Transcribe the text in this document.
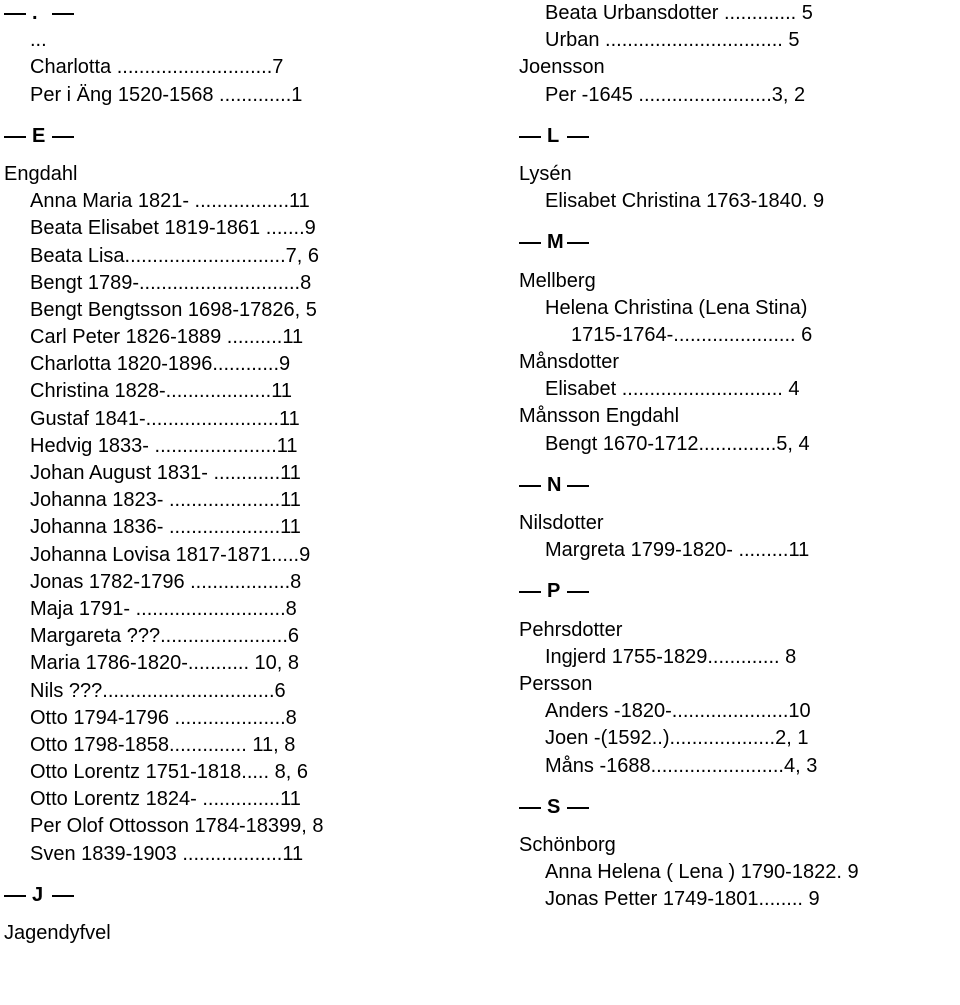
.
...
Charlotta ............................7
Per i Äng 1520-1568 .............1
E
Engdahl
Anna Maria 1821- .................11
Beata Elisabet 1819-1861 .......9
Beata Lisa.............................7, 6
Bengt 1789-.............................8
Bengt Bengtsson 1698-17826, 5
Carl Peter 1826-1889 ..........11
Charlotta 1820-1896............9
Christina 1828-...................11
Gustaf 1841-........................11
Hedvig 1833- ......................11
Johan August 1831- ............11
Johanna 1823- ....................11
Johanna 1836- ....................11
Johanna Lovisa 1817-1871.....9
Jonas 1782-1796 ..................8
Maja 1791- ...........................8
Margareta ???.......................6
Maria 1786-1820-........... 10, 8
Nils ???...............................6
Otto 1794-1796 ....................8
Otto 1798-1858.............. 11, 8
Otto Lorentz 1751-1818..... 8, 6
Otto Lorentz 1824- ..............11
Per Olof Ottosson 1784-18399, 8
Sven 1839-1903 ..................11
J
Jagendyfvel
Beata Urbansdotter ............. 5
Urban ................................ 5
Joensson
Per -1645 ........................3, 2
L
Lysén
Elisabet Christina 1763-1840. 9
M
Mellberg
Helena Christina (Lena Stina)
1715-1764-...................... 6
Månsdotter
Elisabet ............................. 4
Månsson Engdahl
Bengt 1670-1712..............5, 4
N
Nilsdotter
Margreta 1799-1820- .........11
P
Pehrsdotter
Ingjerd 1755-1829............. 8
Persson
Anders -1820-.....................10
Joen -(1592..)...................2, 1
Måns -1688........................4, 3
S
Schönborg
Anna Helena ( Lena ) 1790-1822. 9
Jonas Petter 1749-1801........ 9
